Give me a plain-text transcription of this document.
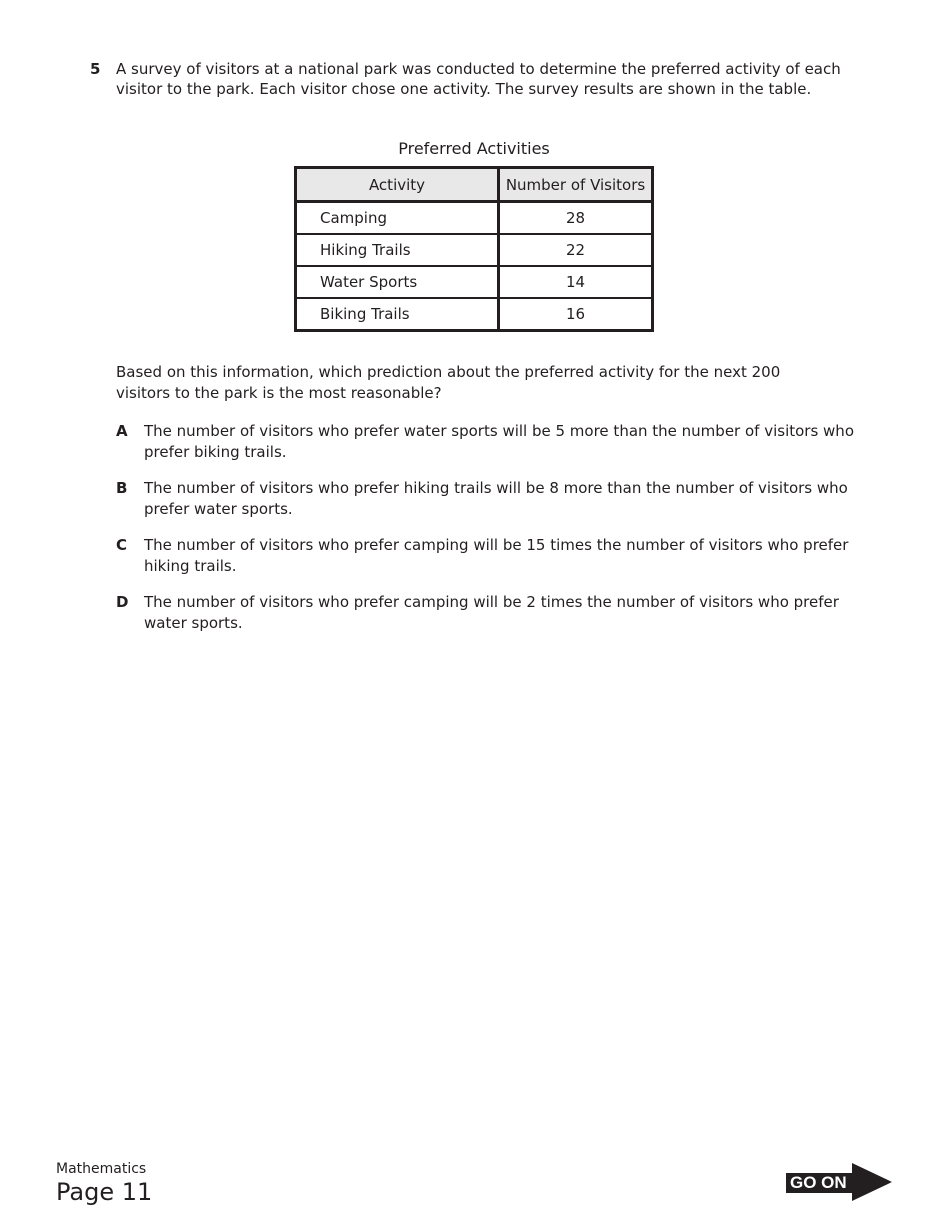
5 A survey of visitors at a national park was conducted to determine the preferred activity of each visitor to the park. Each visitor chose one activity. The survey results are shown in the table.
Preferred Activities
Activity	Number of Visitors
Camping	28
Hiking Trails	22
Water Sports	14
Biking Trails	16
Based on this information, which prediction about the preferred activity for the next 200 visitors to the park is the most reasonable?
A The number of visitors who prefer water sports will be 5 more than the number of visitors who prefer biking trails.
B The number of visitors who prefer hiking trails will be 8 more than the number of visitors who prefer water sports.
C The number of visitors who prefer camping will be 15 times the number of visitors who prefer hiking trails.
D The number of visitors who prefer camping will be 2 times the number of visitors who prefer water sports.
Mathematics
Page 11	GO ON
